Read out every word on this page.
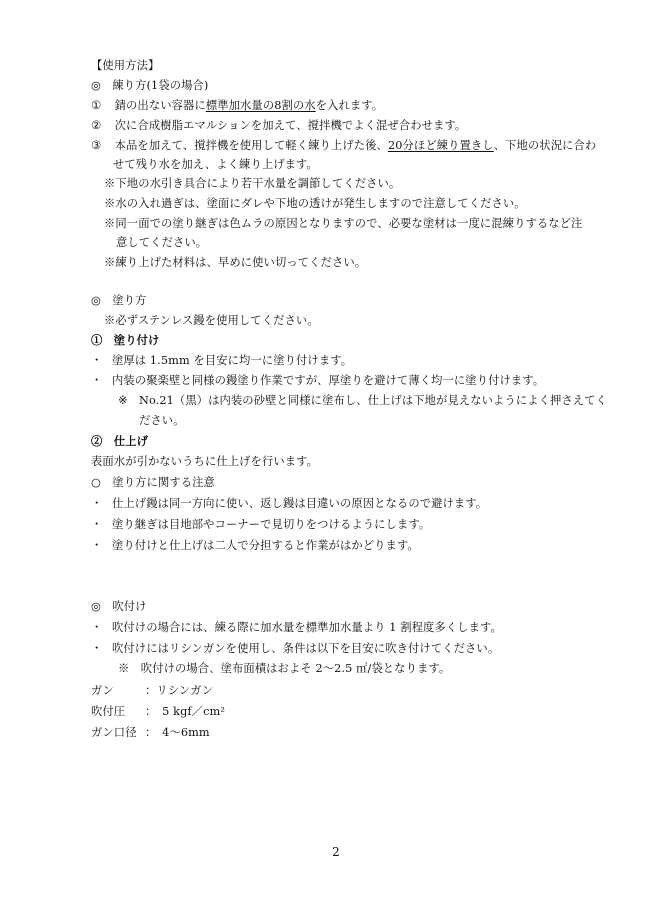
【使用方法】
◎　練り方(1袋の場合)
① 錆の出ない容器に標準加水量の8割の水を入れます。
② 次に合成樹脂エマルションを加えて、撹拌機でよく混ぜ合わせます。
③ 本品を加えて、撹拌機を使用して軽く練り上げた後、20分ほど練り置きし、下地の状況に合わ
せて残り水を加え、よく練り上げます。
※下地の水引き具合により若干水量を調節してください。
※水の入れ過ぎは、塗面にダレや下地の透けが発生しますので注意してください。
※同一面での塗り継ぎは色ムラの原因となりますので、必要な塗材は一度に混練りするなど注
意してください。
※練り上げた材料は、早めに使い切ってください。
◎　塗り方
※必ずステンレス鏝を使用してください。
①　塗り付け
・ 塗厚は 1.5mm を目安に均一に塗り付けます。
・ 内装の聚楽壁と同様の鏝塗り作業ですが、厚塗りを避けて薄く均一に塗り付けます。
※　No.21（黒）は内装の砂壁と同様に塗布し、仕上げは下地が見えないようによく押さえてく
ださい。
②　仕上げ
表面水が引かないうちに仕上げを行います。
○　塗り方に関する注意
・ 仕上げ鏝は同一方向に使い、返し鏝は目違いの原因となるので避けます。
・ 塗り継ぎは目地部やコーナーで見切りをつけるようにします。
・ 塗り付けと仕上げは二人で分担すると作業がはかどります。
◎　吹付け
・ 吹付けの場合には、練る際に加水量を標準加水量より 1 割程度多くします。
・ 吹付けにはリシンガンを使用し、条件は以下を目安に吹き付けてください。
※　吹付けの場合、塗布面積はおよそ 2～2.5 ㎡/袋となります。
ガン	：リシンガン
吹付圧 ：　5 kgf／cm²
ガン口径 ：　4～6mm
2
